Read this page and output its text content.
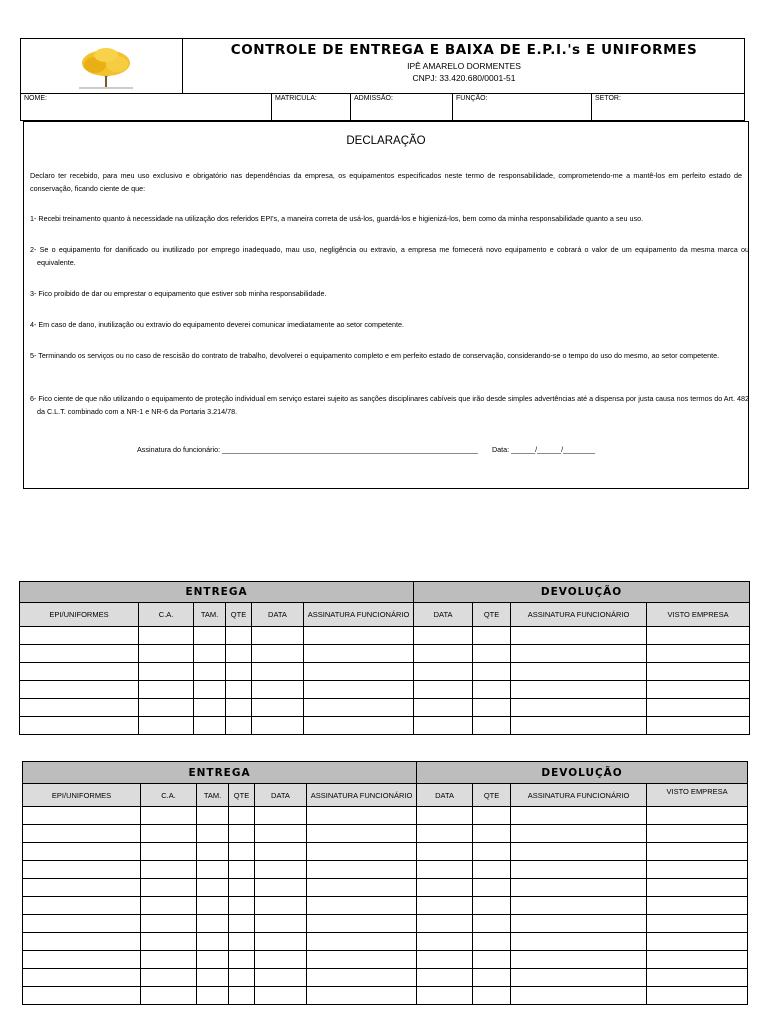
CONTROLE DE ENTREGA E BAIXA DE E.P.I.'s E UNIFORMES
IPÊ AMARELO DORMENTES
CNPJ: 33.420.680/0001-51
NOME:	MATRICULA:	ADMISSÃO:	FUNÇÃO:	SETOR:
DECLARAÇÃO
Declaro ter recebido, para meu uso exclusivo e obrigatório nas dependências da empresa, os equipamentos especificados neste termo de responsabilidade, comprometendo-me a mantê-los em perfeito estado de conservação, ficando ciente de que:
1- Recebi treinamento quanto à necessidade na utilização dos referidos EPI's, a maneira correta de usá-los, guardá-los e higienizá-los, bem como da minha responsabilidade quanto a seu uso.
2- Se o equipamento for danificado ou inutilizado por emprego inadequado, mau uso, negligência ou extravio, a empresa me fornecerá novo equipamento e cobrará o valor de um equipamento da mesma marca ou equivalente.
3- Fico proibido de dar ou emprestar o equipamento que estiver sob minha responsabilidade.
4- Em caso de dano, inutilização ou extravio do equipamento deverei comunicar imediatamente ao setor competente.
5- Terminando os serviços ou no caso de rescisão do contrato de trabalho, devolverei o equipamento completo e em perfeito estado de conservação, considerando-se o tempo do uso do mesmo, ao setor competente.
6- Fico ciente de que não utilizando o equipamento de proteção individual em serviço estarei sujeito as sanções disciplinares cabíveis que irão desde simples advertências até a dispensa por justa causa nos termos do Art. 482 da C.L.T. combinado com a NR-1 e NR-6 da Portaria 3.214/78.
Assinatura do funcionário: ________________________________________________________________ Data: ______/______/________
ENTREGA						DEVOLUÇÃO			
EPI/UNIFORMES	C.A.	TAM.	QTE	DATA	ASSINATURA FUNCIONÁRIO	DATA	QTE	ASSINATURA FUNCIONÁRIO	VISTO EMPRESA

ENTREGA						DEVOLUÇÃO			
EPI/UNIFORMES	C.A.	TAM.	QTE	DATA	ASSINATURA FUNCIONÁRIO	DATA	QTE	ASSINATURA FUNCIONÁRIO	VISTO EMPRESA
